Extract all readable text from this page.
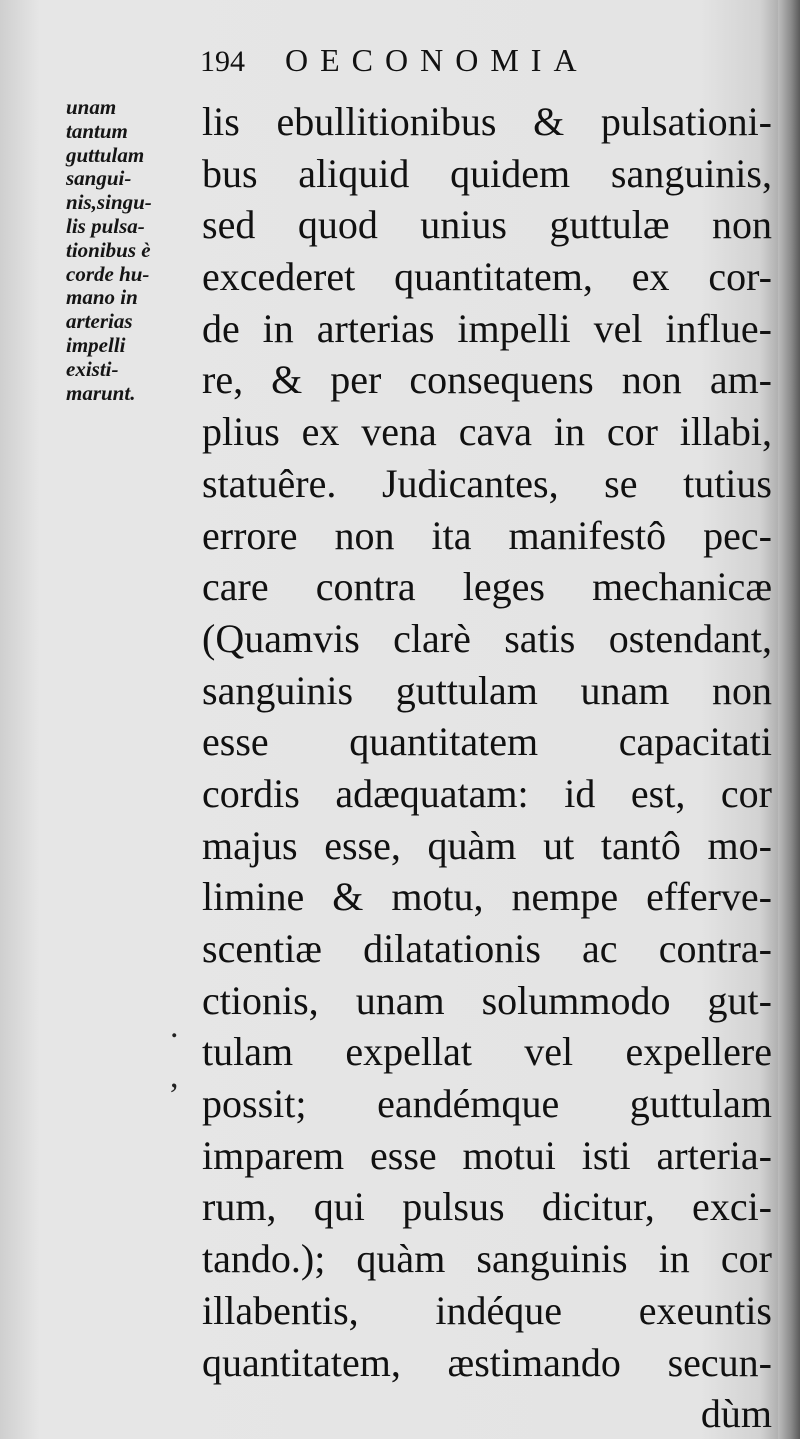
194 OECONOMIA
unam
tantum
guttulam
sangui-
nis,singu-
lis pulsa-
tionibus è
corde hu-
mano in
arterias
impelli
existi-
marunt.
lis ebullitionibus & pulsationi-
bus aliquid quidem sanguinis,
sed quod unius guttulæ non
excederet quantitatem, ex cor-
de in arterias impelli vel influe-
re, & per consequens non am-
plius ex vena cava in cor illabi,
statuêre. Judicantes, se tutius
errore non ita manifestô pec-
care contra leges mechanicæ
(Quamvis clarè satis ostendant,
sanguinis guttulam unam non
esse quantitatem capacitati
cordis adæquatam: id est, cor
majus esse, quàm ut tantô mo-
limine & motu, nempe efferve-
scentiæ dilatationis ac contra-
ctionis, unam solummodo gut-
tulam expellat vel expellere
possit; eandémque guttulam
imparem esse motui isti arteria-
rum, qui pulsus dicitur, exci-
tando.); quàm sanguinis in cor
illabentis, indéque exeuntis
quantitatem, æstimando secun-
dùm
.
,
